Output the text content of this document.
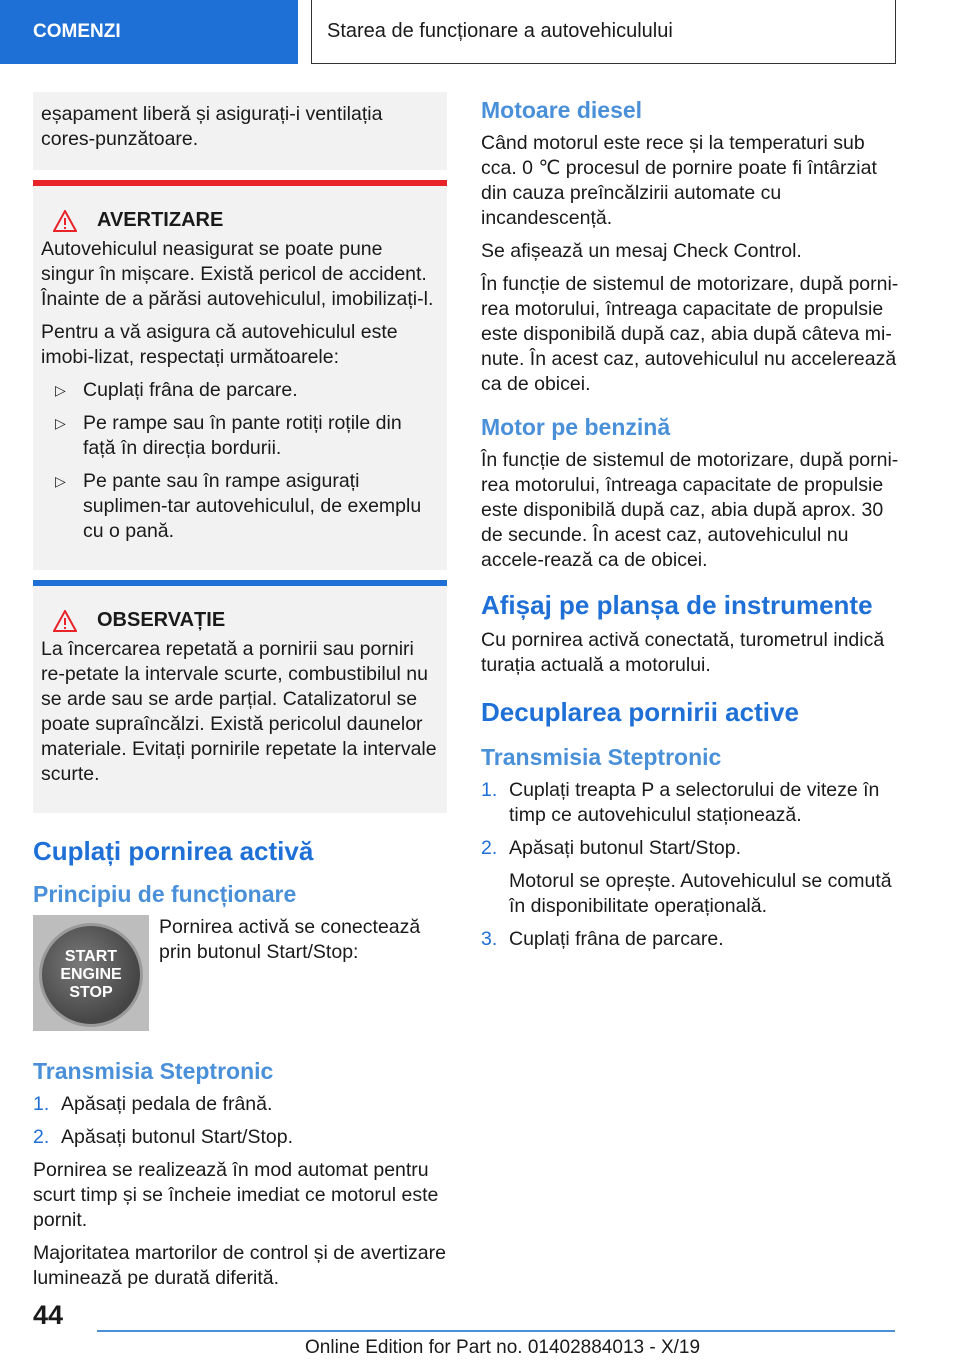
COMENZI	Starea de funcționare a autovehiculului
eșapament liberă și asigurați-i ventilația cores-punzătoare.
AVERTIZARE

Autovehiculul neasigurat se poate pune singur în mișcare. Există pericol de accident. Înainte de a părăsi autovehiculul, imobilizați-l.

Pentru a vă asigura că autovehiculul este imobi-lizat, respectați următoarele:

▷ Cuplați frâna de parcare.
▷ Pe rampe sau în pante rotiți roțile din față în direcția bordurii.
▷ Pe pante sau în rampe asigurați suplimen-tar autovehiculul, de exemplu cu o pană.
OBSERVAȚIE

La încercarea repetată a pornirii sau porniri re-petate la intervale scurte, combustibilul nu se arde sau se arde parțial. Catalizatorul se poate supraîncălzi. Există pericolul daunelor materiale. Evitați pornirile repetate la intervale scurte.

Cuplați pornirea activă
Principiu de funcționare
START
ENGINE
STOP
Pornirea activă se conectează prin butonul Start/Stop:
Transmisia Steptronic
1. Apăsați pedala de frână.
2. Apăsați butonul Start/Stop.

Pornirea se realizează în mod automat pentru scurt timp și se încheie imediat ce motorul este pornit.

Majoritatea martorilor de control și de avertizare luminează pe durată diferită.

Motoare diesel

Când motorul este rece și la temperaturi sub cca. 0 ℃ procesul de pornire poate fi întârziat din cauza preîncălzirii automate cu incandescență.

Se afișează un mesaj Check Control.

În funcție de sistemul de motorizare, după porni-rea motorului, întreaga capacitate de propulsie este disponibilă după caz, abia după câteva mi-nute. În acest caz, autovehiculul nu accelerează ca de obicei.

Motor pe benzină

În funcție de sistemul de motorizare, după porni-rea motorului, întreaga capacitate de propulsie este disponibilă după caz, abia după aprox. 30 de secunde. În acest caz, autovehiculul nu accele-rează ca de obicei.

Afișaj pe planșa de instrumente

Cu pornirea activă conectată, turometrul indică turația actuală a motorului.

Decuplarea pornirii active
Transmisia Steptronic
1. Cuplați treapta P a selectorului de viteze în timp ce autovehiculul staționează.
2. Apăsați butonul Start/Stop.

Motorul se oprește. Autovehiculul se comută în disponibilitate operațională.

3. Cuplați frâna de parcare.
44
Online Edition for Part no. 01402884013 - X/19
